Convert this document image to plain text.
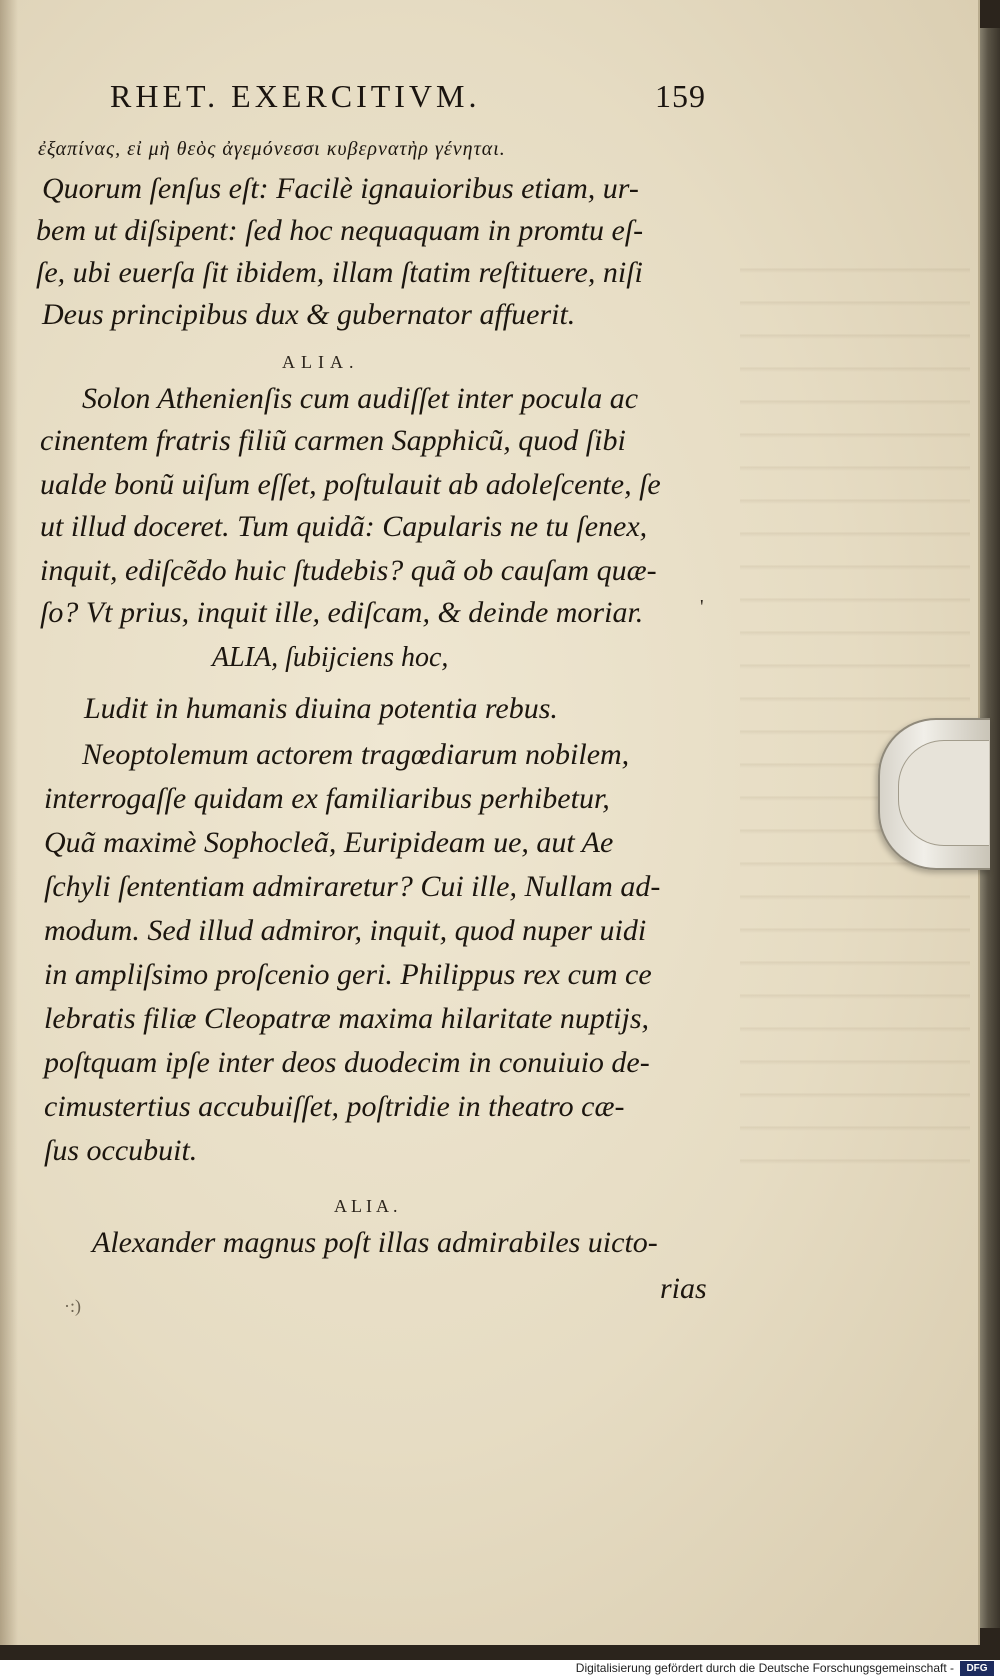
RHET. EXERCITIVM.	159
ἐξαπίνας, εἰ μὴ θεὸς ἀγεμόνεσσι κυβερνατὴρ γένηται.
Quorum ſenſus eſt: Facilè ignauioribus etiam, ur-
bem ut diſsipent: ſed hoc nequaquam in promtu eſ-
ſe, ubi euerſa ſit ibidem, illam ſtatim reſtituere, niſi
Deus principibus dux & gubernator affuerit.
ALIA.
Solon Athenienſis cum audiſſet inter pocula ac
cinentem fratris filiũ carmen Sapphicũ, quod ſibi
ualde bonũ uiſum eſſet, poſtulauit ab adoleſcente, ſe
ut illud doceret. Tum quidã: Capularis ne tu ſenex,
inquit, ediſcẽdo huic ſtudebis? quã ob cauſam quæ-
ſo? Vt prius, inquit ille, ediſcam, & deinde moriar.
ALIA, ſubijciens hoc,
Ludit in humanis diuina potentia rebus.
Neoptolemum actorem tragœdiarum nobilem,
interrogaſſe quidam ex familiaribus perhibetur,
Quã maximè Sophocleã, Euripideam ue, aut Ae
ſchyli ſententiam admiraretur? Cui ille, Nullam ad-
modum. Sed illud admiror, inquit, quod nuper uidi
in ampliſsimo proſcenio geri. Philippus rex cum ce
lebratis filiæ Cleopatræ maxima hilaritate nuptijs,
poſtquam ipſe inter deos duodecim in conuiuio de-
cimustertius accubuiſſet, poſtridie in theatro cæ-
ſus occubuit.
ALIA.
Alexander magnus poſt illas admirabiles uicto-
rias
'
·:)
Digitalisierung gefördert durch die Deutsche Forschungsgemeinschaft -	DFG
